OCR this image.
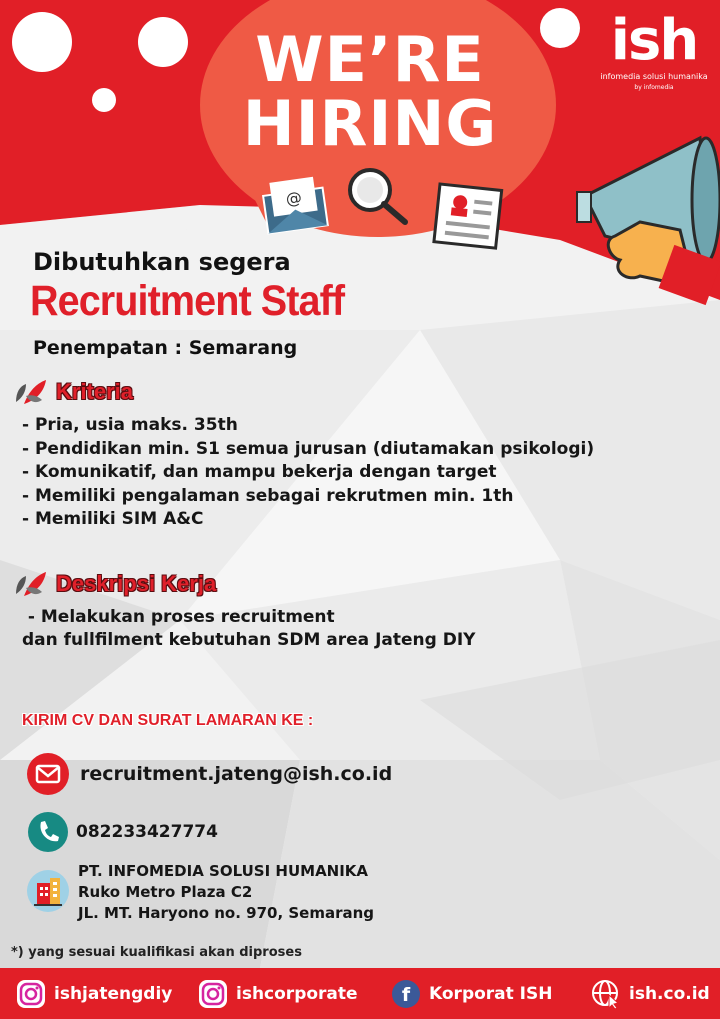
@
WE’RE
HIRING
ish
infomedia solusi humanika
by infomedia
Dibutuhkan segera
Recruitment Staff
Penempatan : Semarang
Kriteria
- Pria, usia maks. 35th
- Pendidikan min. S1 semua jurusan (diutamakan psikologi)
- Komunikatif, dan mampu bekerja dengan target
- Memiliki pengalaman sebagai rekrutmen min. 1th
- Memiliki SIM A&C
Deskripsi Kerja
- Melakukan proses recruitment
dan fullfilment kebutuhan SDM area Jateng DIY
KIRIM CV DAN SURAT LAMARAN KE :
recruitment.jateng@ish.co.id
082233427774
PT. INFOMEDIA SOLUSI HUMANIKA
Ruko Metro Plaza C2
JL. MT. Haryono no. 970, Semarang
*) yang sesuai kualifikasi akan diproses
ishjatengdiy	ishcorporate f Korporat ISH	ish.co.id
